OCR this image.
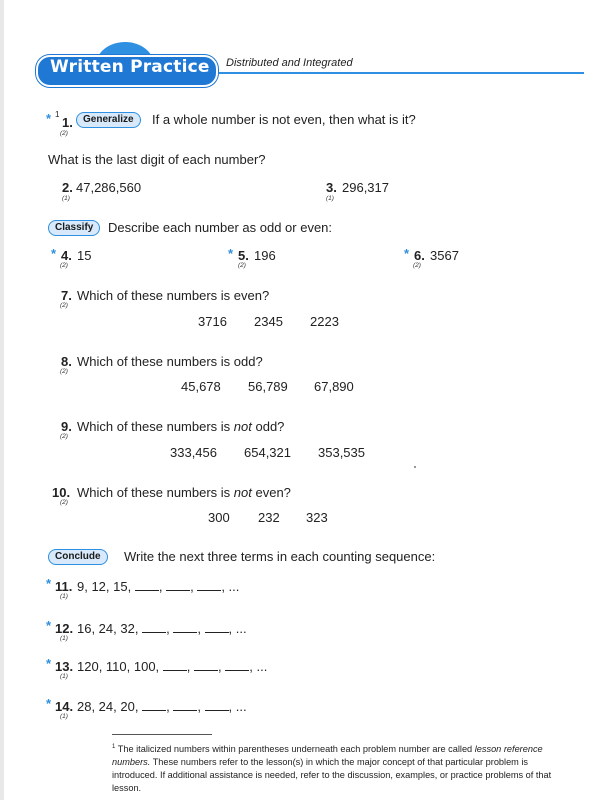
Written Practice Distributed and Integrated
* 1
1.
(2)
Generalize	If a whole number is not even, then what is it?
What is the last digit of each number?
2.
(1)
47,286,560	3.
(1)
296,317
Classify	Describe each number as odd or even:
* 4.
(2)
15	* 5.
(2)
196	* 6.
(2)
3567
7.
(2)
Which of these numbers is even?
3716 2345 2223
8.
(2)
Which of these numbers is odd?
45,678 56,789 67,890
9.
(2)
Which of these numbers is not odd?
333,456 654,321 353,535
10.
(2)
Which of these numbers is not even?
300 232 323
Conclude	Write the next three terms in each counting sequence:
* 11.
(1)
9, 12, 15, , , , ...
* 12.
(1)
16, 24, 32, , , , ...
* 13.
(1)
120, 110, 100, , , , ...
* 14.
(1)
28, 24, 20, , , , ...
$^1$ The italicized numbers within parentheses underneath each problem number are called lesson reference numbers. These numbers refer to the lesson(s) in which the major concept of that particular problem is introduced. If additional assistance is needed, refer to the discussion, examples, or practice problems of that lesson.
